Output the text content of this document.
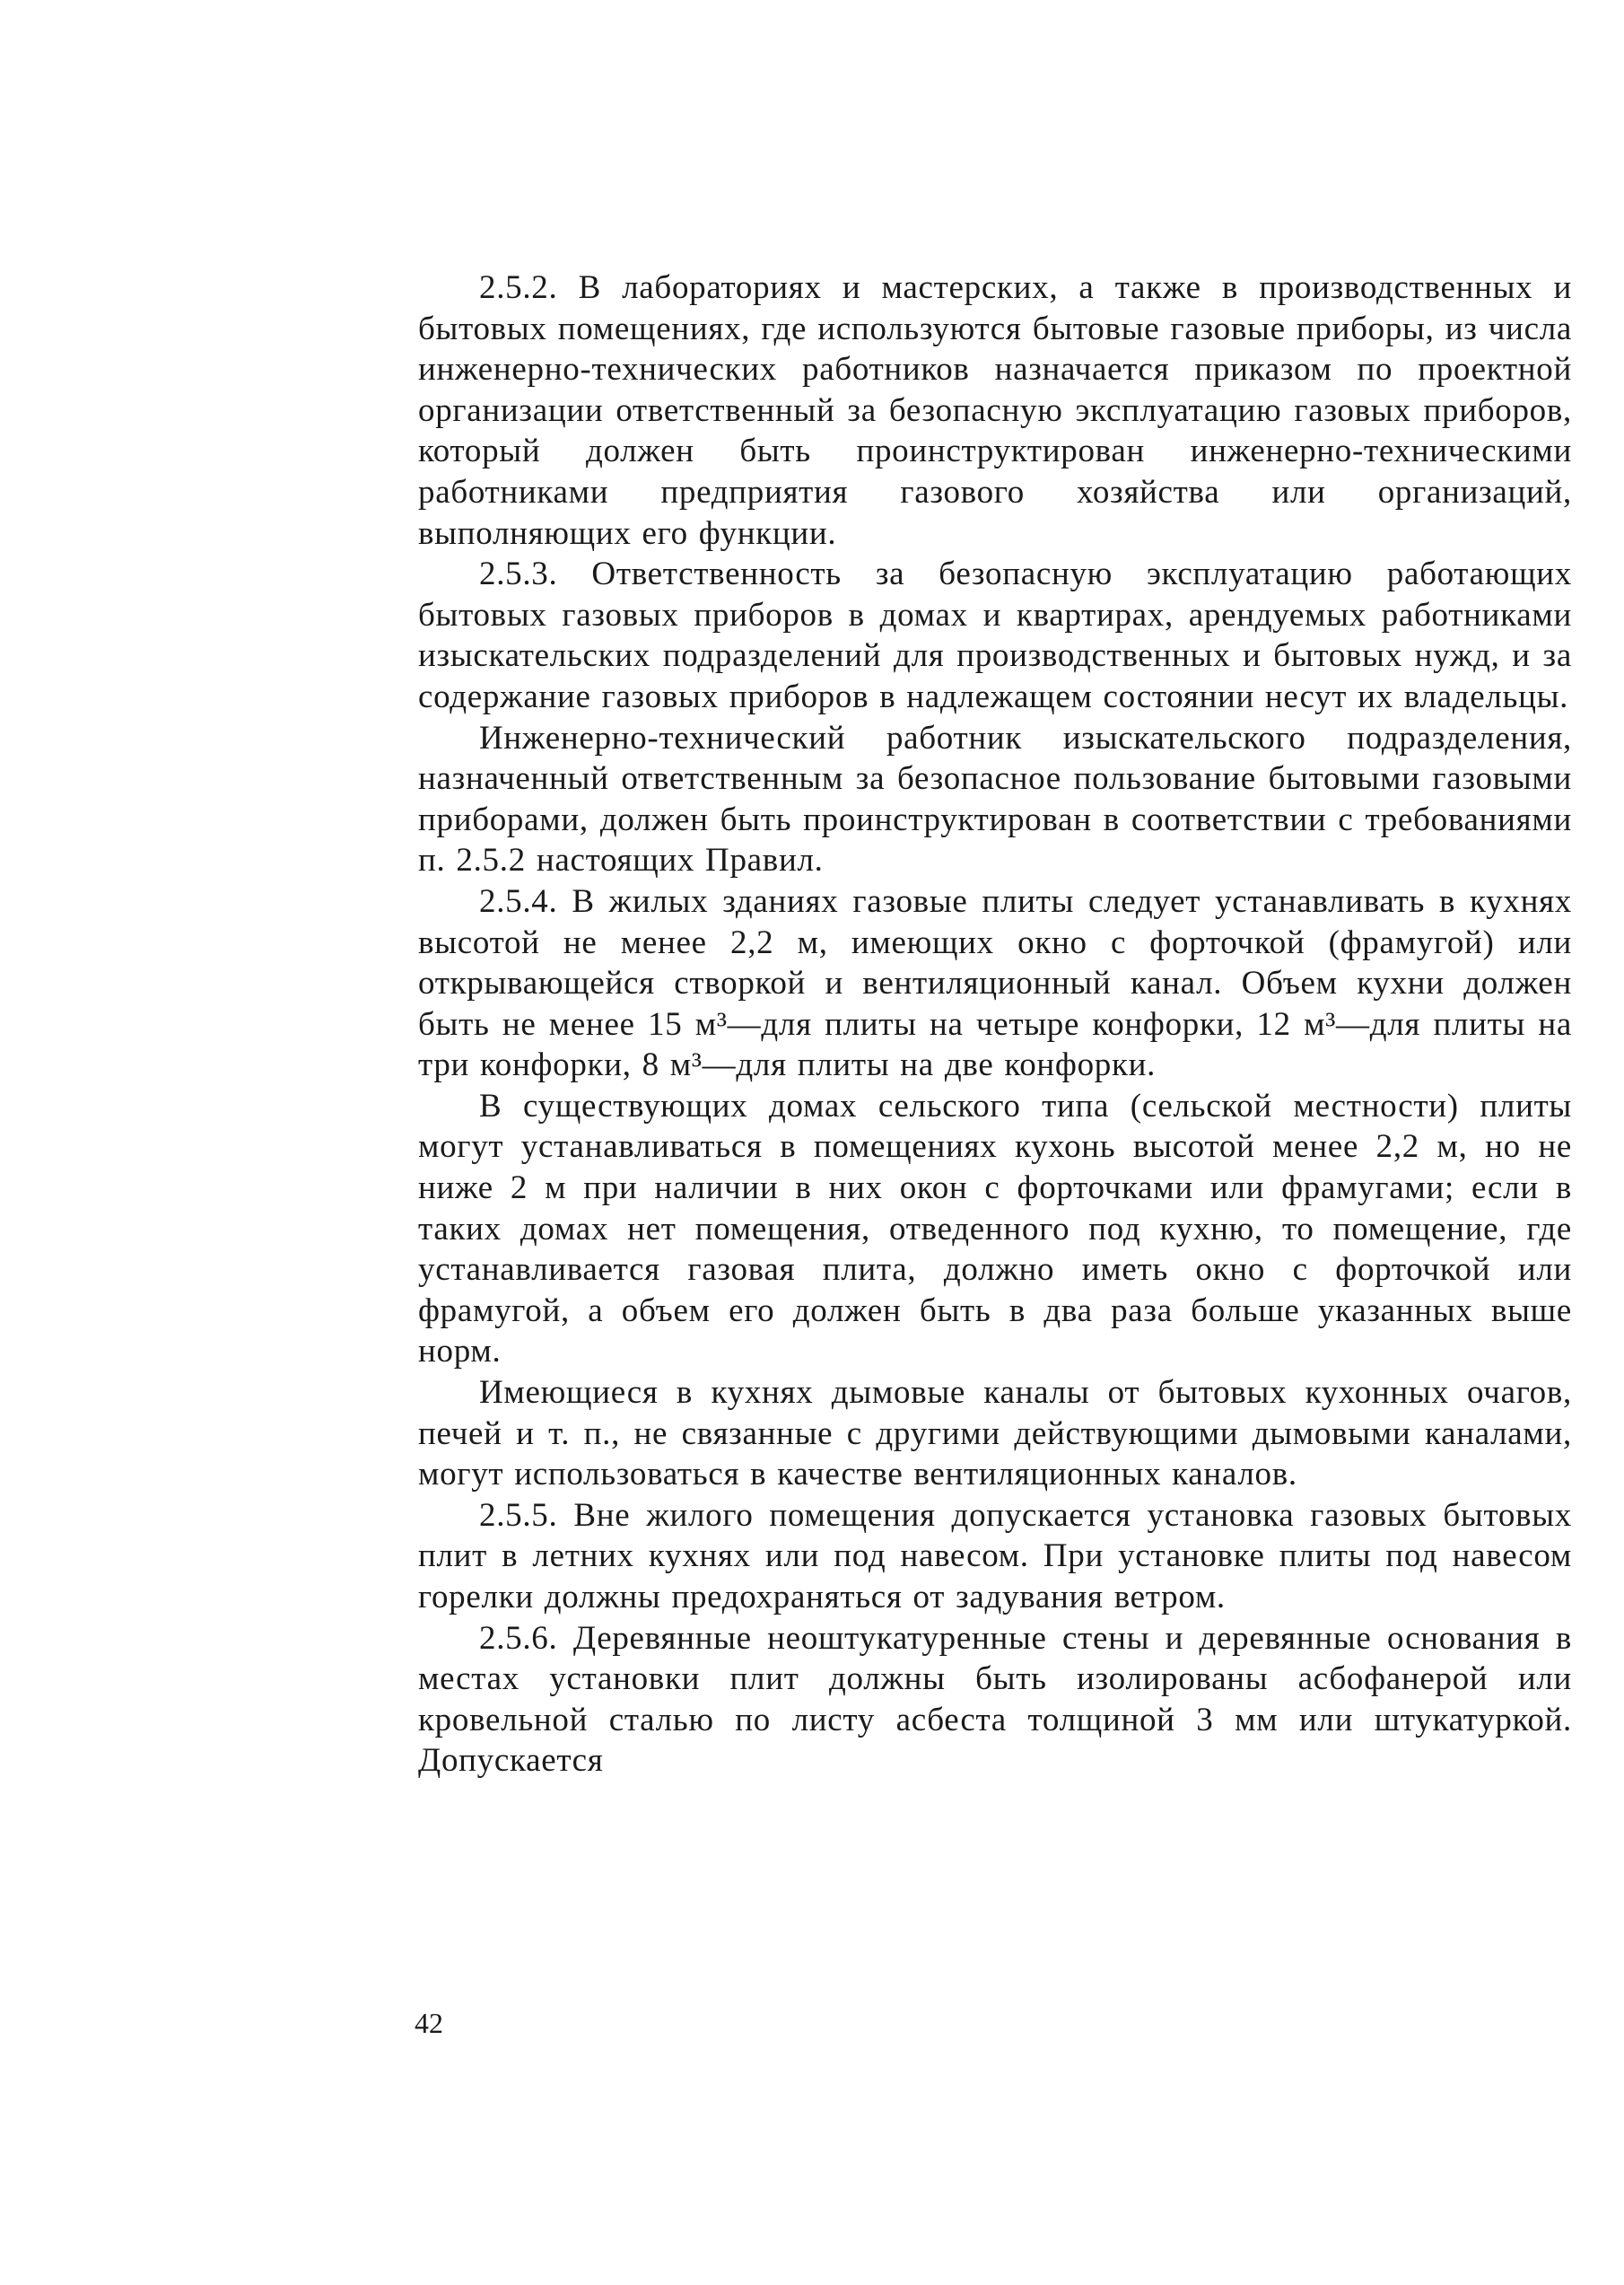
2.5.2. В лабораториях и мастерских, а также в производственных и бытовых помещениях, где используются бытовые газовые приборы, из числа инженерно-технических работников назначается приказом по проектной организации ответственный за безопасную эксплуатацию газовых приборов, который должен быть проинструктирован инженерно-техническими работниками предприятия газового хозяйства или организаций, выполняющих его функции.

2.5.3. Ответственность за безопасную эксплуатацию работающих бытовых газовых приборов в домах и квартирах, арендуемых работниками изыскательских подразделений для производственных и бытовых нужд, и за содержание газовых приборов в надлежащем состоянии несут их владельцы.

Инженерно-технический работник изыскательского подразделения, назначенный ответственным за безопасное пользование бытовыми газовыми приборами, должен быть проинструктирован в соответствии с требованиями п. 2.5.2 настоящих Правил.

2.5.4. В жилых зданиях газовые плиты следует устанавливать в кухнях высотой не менее 2,2 м, имеющих окно с форточкой (фрамугой) или открывающейся створкой и вентиляционный канал. Объем кухни должен быть не менее 15 м³—для плиты на четыре конфорки, 12 м³—для плиты на три конфорки, 8 м³—для плиты на две конфорки.

В существующих домах сельского типа (сельской местности) плиты могут устанавливаться в помещениях кухонь высотой менее 2,2 м, но не ниже 2 м при наличии в них окон с форточками или фрамугами; если в таких домах нет помещения, отведенного под кухню, то помещение, где устанавливается газовая плита, должно иметь окно с форточкой или фрамугой, а объем его должен быть в два раза больше указанных выше норм.

Имеющиеся в кухнях дымовые каналы от бытовых кухонных очагов, печей и т. п., не связанные с другими действующими дымовыми каналами, могут использоваться в качестве вентиляционных каналов.

2.5.5. Вне жилого помещения допускается установка газовых бытовых плит в летних кухнях или под навесом. При установке плиты под навесом горелки должны предохраняться от задувания ветром.

2.5.6. Деревянные неоштукатуренные стены и деревянные основания в местах установки плит должны быть изолированы асбофанерой или кровельной сталью по листу асбеста толщиной 3 мм или штукатуркой. Допускается

42
